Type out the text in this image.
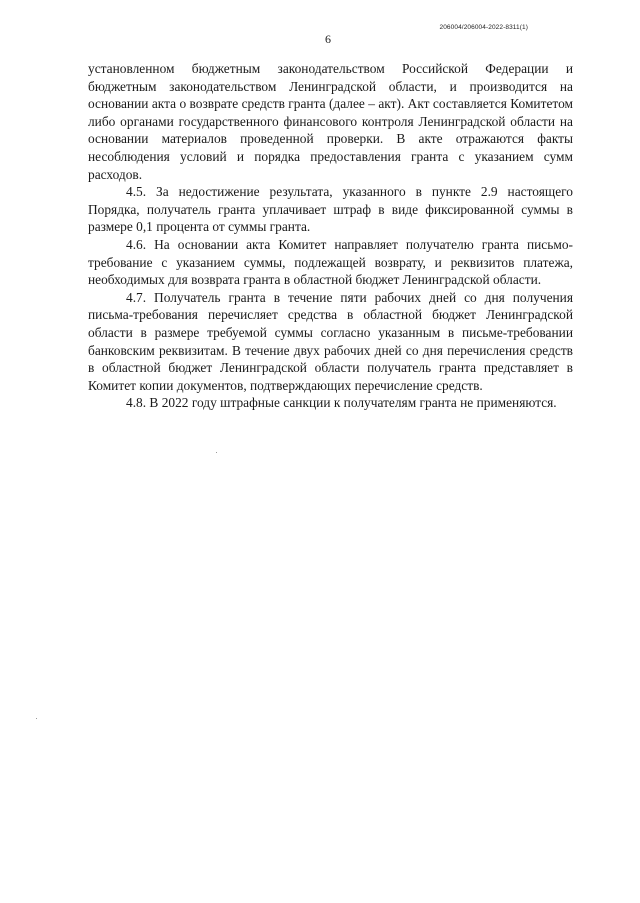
206004/206004-2022-8311(1)
6

установленном бюджетным законодательством Российской Федерации и бюджетным законодательством Ленинградской области, и производится на основании акта о возврате средств гранта (далее – акт). Акт составляется Комитетом либо органами государственного финансового контроля Ленинградской области на основании материалов проведенной проверки. В акте отражаются факты несоблюдения условий и порядка предоставления гранта с указанием сумм расходов.

4.5. За недостижение результата, указанного в пункте 2.9 настоящего Порядка, получатель гранта уплачивает штраф в виде фиксированной суммы в размере 0,1 процента от суммы гранта.

4.6. На основании акта Комитет направляет получателю гранта письмо-требование с указанием суммы, подлежащей возврату, и реквизитов платежа, необходимых для возврата гранта в областной бюджет Ленинградской области.

4.7. Получатель гранта в течение пяти рабочих дней со дня получения письма-требования перечисляет средства в областной бюджет Ленинградской области в размере требуемой суммы согласно указанным в письме-требовании банковским реквизитам. В течение двух рабочих дней со дня перечисления средств в областной бюджет Ленинградской области получатель гранта представляет в Комитет копии документов, подтверждающих перечисление средств.

4.8. В 2022 году штрафные санкции к получателям гранта не применяются.
